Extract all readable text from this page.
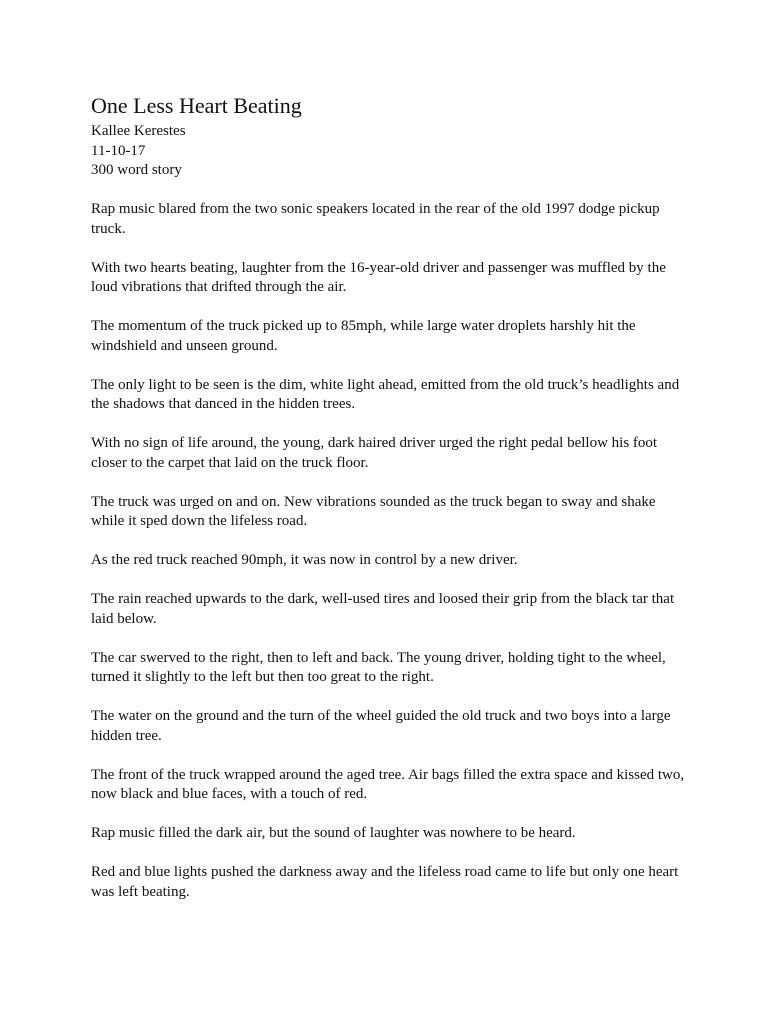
One Less Heart Beating

Kallee Kerestes

11-10-17

300 word story

Rap music blared from the two sonic speakers located in the rear of the old 1997 dodge pickup truck.

With two hearts beating, laughter from the 16-year-old driver and passenger was muffled by the loud vibrations that drifted through the air.

The momentum of the truck picked up to 85mph, while large water droplets harshly hit the windshield and unseen ground.

The only light to be seen is the dim, white light ahead, emitted from the old truck’s headlights and the shadows that danced in the hidden trees.

With no sign of life around, the young, dark haired driver urged the right pedal bellow his foot closer to the carpet that laid on the truck floor.

The truck was urged on and on. New vibrations sounded as the truck began to sway and shake while it sped down the lifeless road.

As the red truck reached 90mph, it was now in control by a new driver.

The rain reached upwards to the dark, well-used tires and loosed their grip from the black tar that laid below.

The car swerved to the right, then to left and back. The young driver, holding tight to the wheel, turned it slightly to the left but then too great to the right.

The water on the ground and the turn of the wheel guided the old truck and two boys into a large hidden tree.

The front of the truck wrapped around the aged tree. Air bags filled the extra space and kissed two, now black and blue faces, with a touch of red.

Rap music filled the dark air, but the sound of laughter was nowhere to be heard.

Red and blue lights pushed the darkness away and the lifeless road came to life but only one heart was left beating.
